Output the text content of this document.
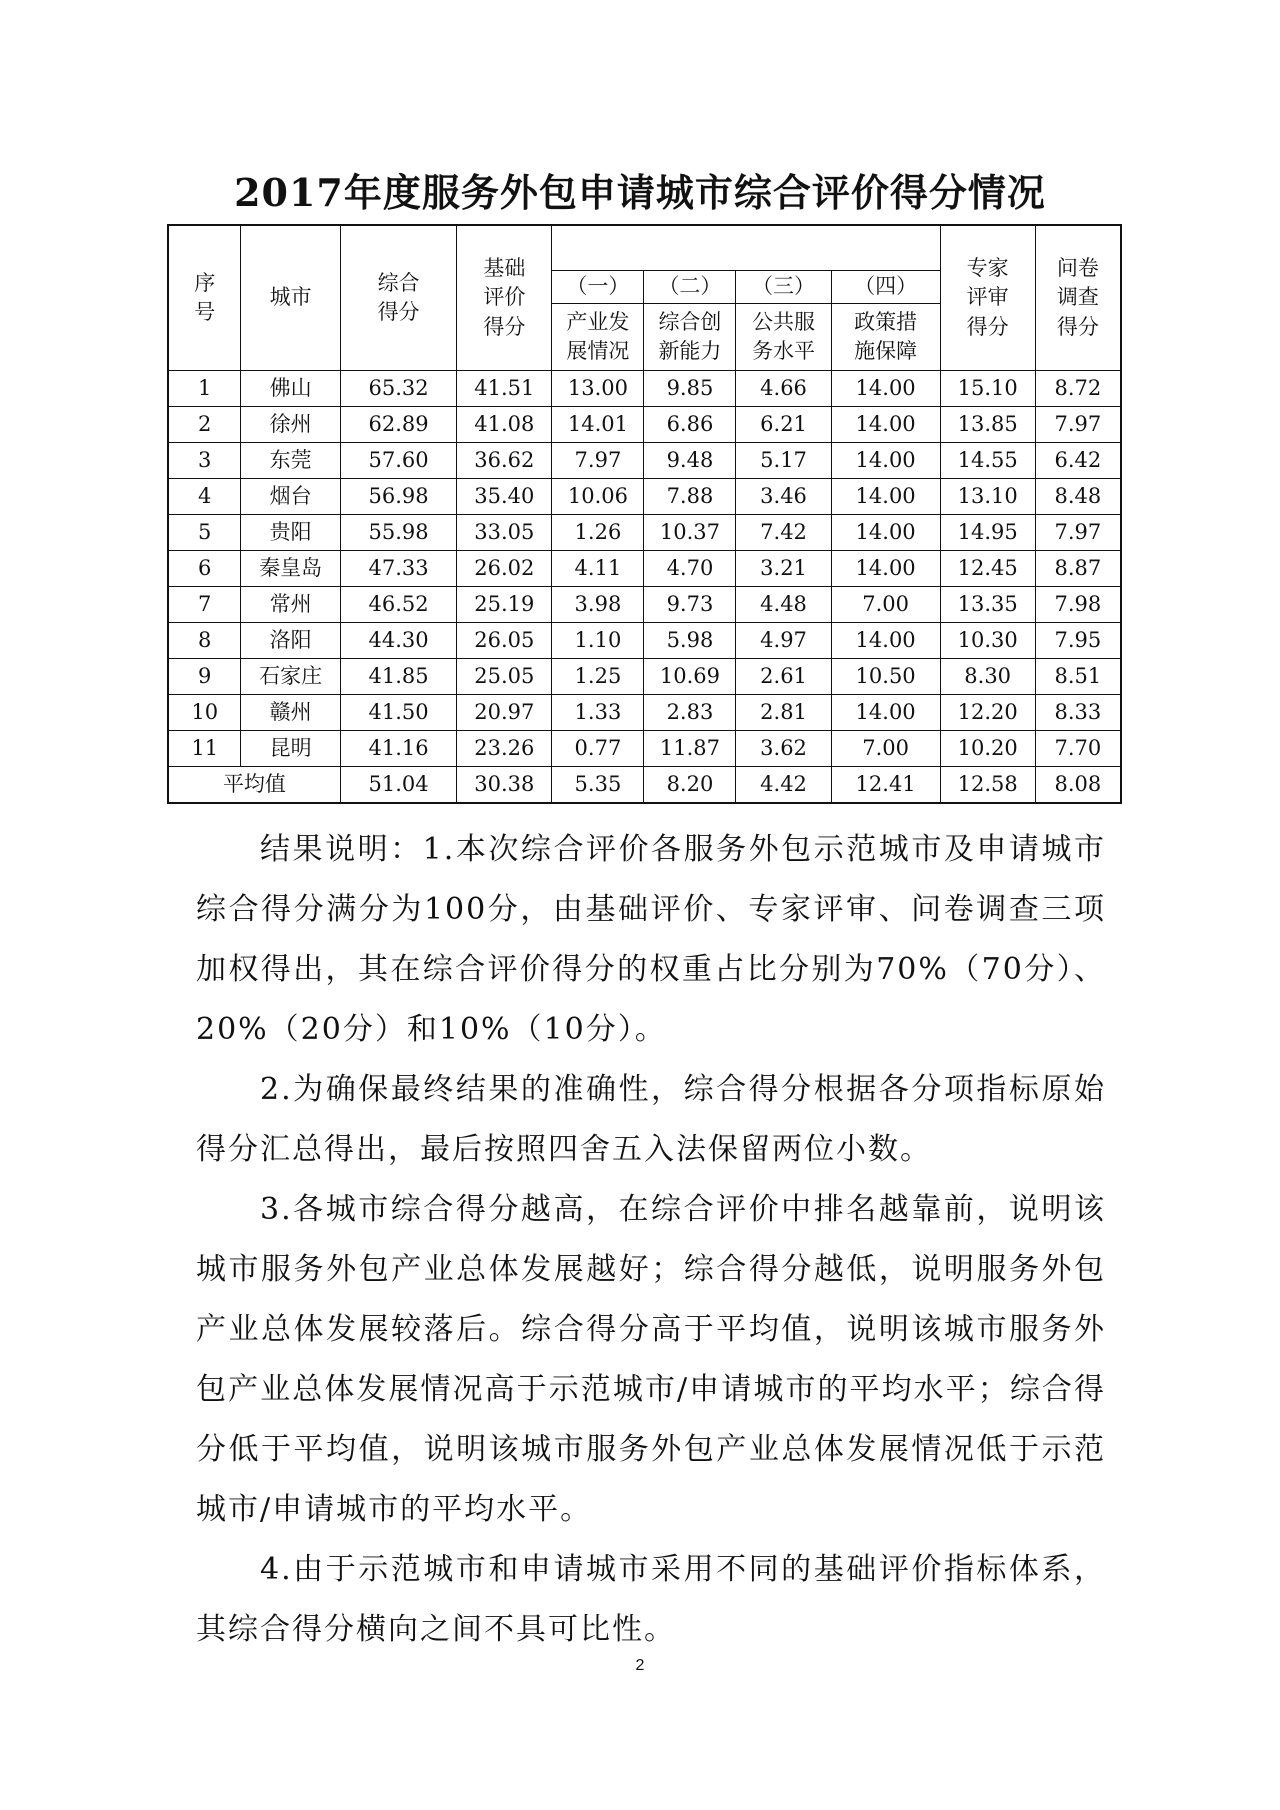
2017年度服务外包申请城市综合评价得分情况
序号	城市	综合得分	基础评价得分					专家评审得分	问卷调查得分
				（一）	（二）	（三）	（四）		
				产业发展情况	综合创新能力	公共服务水平	政策措施保障		
1	佛山	65.32	41.51	13.00	9.85	4.66	14.00	15.10	8.72
2	徐州	62.89	41.08	14.01	6.86	6.21	14.00	13.85	7.97
3	东莞	57.60	36.62	7.97	9.48	5.17	14.00	14.55	6.42
4	烟台	56.98	35.40	10.06	7.88	3.46	14.00	13.10	8.48
5	贵阳	55.98	33.05	1.26	10.37	7.42	14.00	14.95	7.97
6	秦皇岛	47.33	26.02	4.11	4.70	3.21	14.00	12.45	8.87
7	常州	46.52	25.19	3.98	9.73	4.48	7.00	13.35	7.98
8	洛阳	44.30	26.05	1.10	5.98	4.97	14.00	10.30	7.95
9	石家庄	41.85	25.05	1.25	10.69	2.61	10.50	8.30	8.51
10	赣州	41.50	20.97	1.33	2.83	2.81	14.00	12.20	8.33
11	昆明	41.16	23.26	0.77	11.87	3.62	7.00	10.20	7.70
平均值		51.04	30.38	5.35	8.20	4.42	12.41	12.58	8.08

结果说明：1.本次综合评价各服务外包示范城市及申请城市综合得分满分为100分，由基础评价、专家评审、问卷调查三项加权得出，其在综合评价得分的权重占比分别为70%（70分）、20%（20分）和10%（10分）。

2.为确保最终结果的准确性，综合得分根据各分项指标原始得分汇总得出，最后按照四舍五入法保留两位小数。

3.各城市综合得分越高，在综合评价中排名越靠前，说明该城市服务外包产业总体发展越好；综合得分越低，说明服务外包产业总体发展较落后。综合得分高于平均值，说明该城市服务外包产业总体发展情况高于示范城市/申请城市的平均水平；综合得分低于平均值，说明该城市服务外包产业总体发展情况低于示范城市/申请城市的平均水平。

4.由于示范城市和申请城市采用不同的基础评价指标体系，其综合得分横向之间不具可比性。

2
